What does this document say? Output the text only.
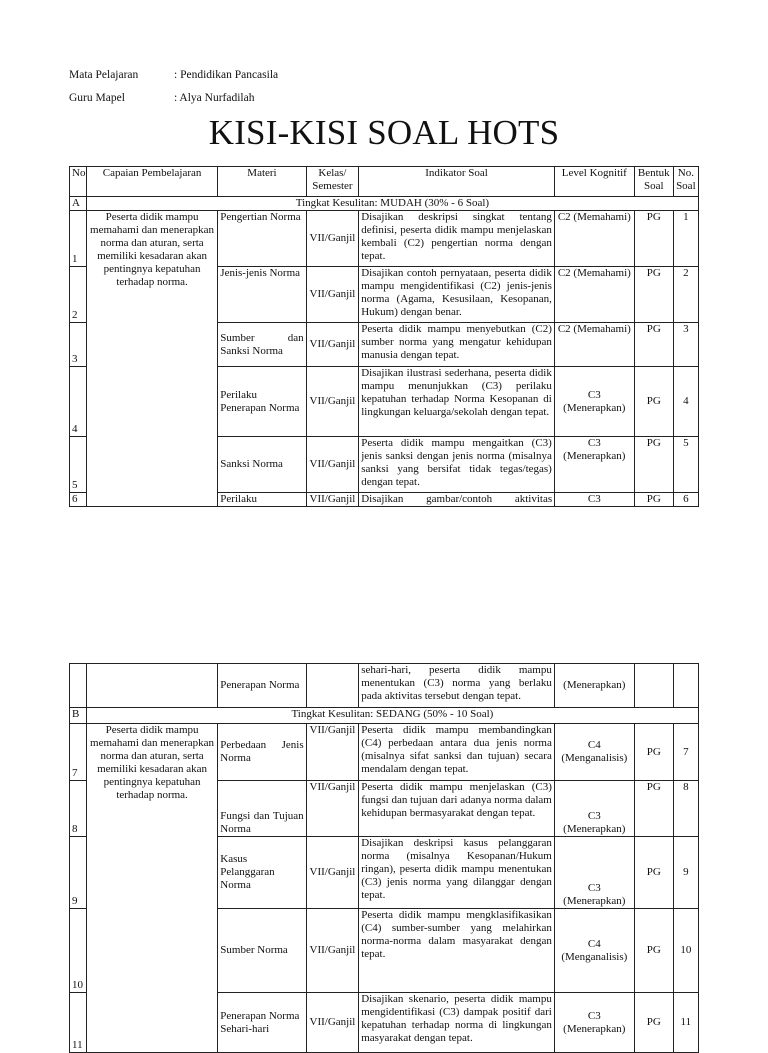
Mata Pelajaran	: Pendidikan Pancasila
Guru Mapel	: Alya Nurfadilah
KISI-KISI SOAL HOTS
No	Capaian Pembelajaran	Materi	Kelas/ Semester	Indikator Soal	Level Kognitif	Bentuk Soal	No. Soal
A	Tingkat Kesulitan: MUDAH (30% - 6 Soal)						
1	Peserta didik mampu memahami dan menerapkan norma dan aturan, serta memiliki kesadaran akan pentingnya kepatuhan terhadap norma.	Pengertian Norma	VII/Ganjil	Disajikan deskripsi singkat tentang definisi, peserta didik mampu menjelaskan kembali (C2) pengertian norma dengan tepat.	C2 (Memahami)	PG	1
2		Jenis-jenis Norma	VII/Ganjil	Disajikan contoh pernyataan, peserta didik mampu mengidentifikasi (C2) jenis-jenis norma (Agama, Kesusilaan, Kesopanan, Hukum) dengan benar.	C2 (Memahami)	PG	2
3		Sumber dan Sanksi Norma	VII/Ganjil	Peserta didik mampu menyebutkan (C2) sumber norma yang mengatur kehidupan manusia dengan tepat.	C2 (Memahami)	PG	3
4		Perilaku Penerapan Norma	VII/Ganjil	Disajikan ilustrasi sederhana, peserta didik mampu menunjukkan (C3) perilaku kepatuhan terhadap Norma Kesopanan di lingkungan keluarga/sekolah dengan tepat.	C3 (Menerapkan)	PG	4
5		Sanksi Norma	VII/Ganjil	Peserta didik mampu mengaitkan (C3) jenis sanksi dengan jenis norma (misalnya sanksi yang bersifat tidak tegas/tegas) dengan tepat.	C3 (Menerapkan)	PG	5
6		Perilaku	VII/Ganjil	Disajikan gambar/contoh aktivitas	C3	PG	6
		Penerapan Norma		sehari-hari, peserta didik mampu menentukan (C3) norma yang berlaku pada aktivitas tersebut dengan tepat.	(Menerapkan)		
B	Tingkat Kesulitan: SEDANG (50% - 10 Soal)						
7	Peserta didik mampu memahami dan menerapkan norma dan aturan, serta memiliki kesadaran akan pentingnya kepatuhan terhadap norma.	Perbedaan Jenis Norma	VII/Ganjil	Peserta didik mampu membandingkan (C4) perbedaan antara dua jenis norma (misalnya sifat sanksi dan tujuan) secara mendalam dengan tepat.	C4 (Menganalisis)	PG	7
8		Fungsi dan Tujuan Norma	VII/Ganjil	Peserta didik mampu menjelaskan (C3) fungsi dan tujuan dari adanya norma dalam kehidupan bermasyarakat dengan tepat.	C3 (Menerapkan)	PG	8
9		Kasus Pelanggaran Norma	VII/Ganjil	Disajikan deskripsi kasus pelanggaran norma (misalnya Kesopanan/Hukum ringan), peserta didik mampu menentukan (C3) jenis norma yang dilanggar dengan tepat.	C3 (Menerapkan)	PG	9
10		Sumber Norma	VII/Ganjil	Peserta didik mampu mengklasifikasikan (C4) sumber-sumber yang melahirkan norma-norma dalam masyarakat dengan tepat.	C4 (Menganalisis)	PG	10
11		Penerapan Norma Sehari-hari	VII/Ganjil	Disajikan skenario, peserta didik mampu mengidentifikasi (C3) dampak positif dari kepatuhan terhadap norma di lingkungan masyarakat dengan tepat.	C3 (Menerapkan)	PG	11
